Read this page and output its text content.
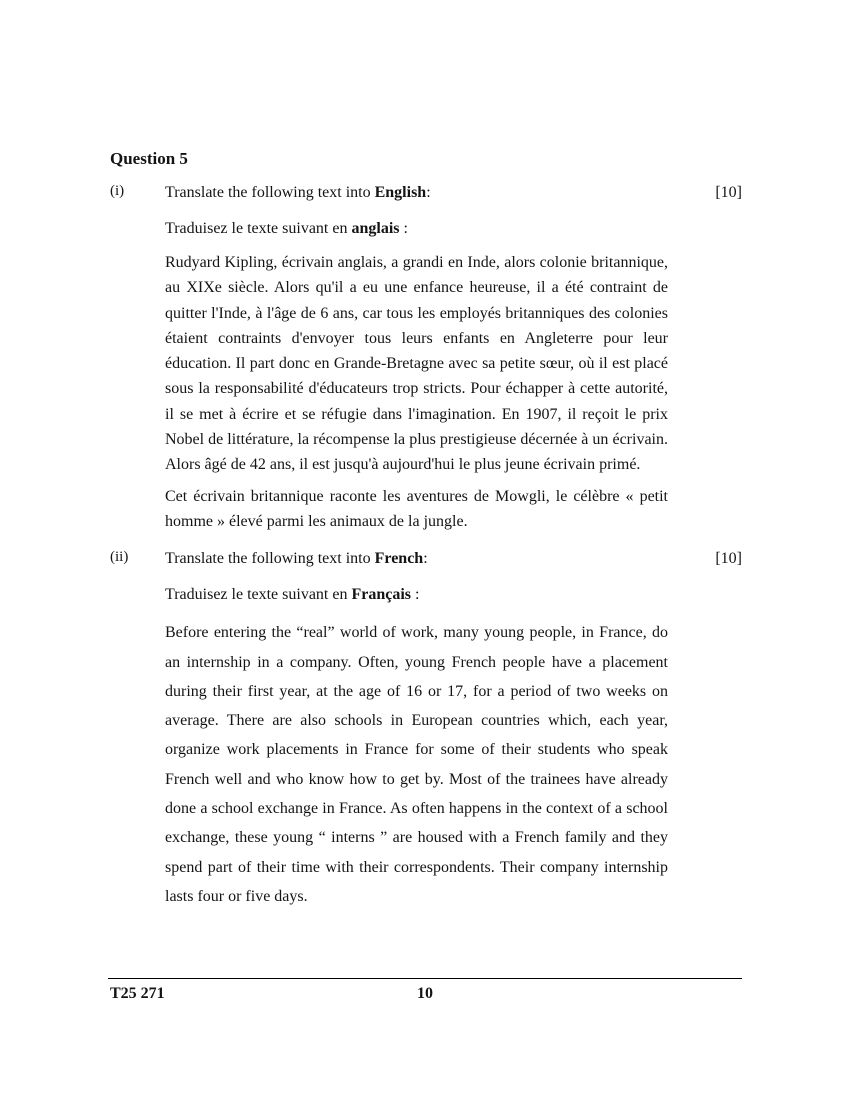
Question 5
(i)	[10]

Translate the following text into English:

Traduisez le texte suivant en anglais :

Rudyard Kipling, écrivain anglais, a grandi en Inde, alors colonie britannique, au XIXe siècle. Alors qu'il a eu une enfance heureuse, il a été contraint de quitter l'Inde, à l'âge de 6 ans, car tous les employés britanniques des colonies étaient contraints d'envoyer tous leurs enfants en Angleterre pour leur éducation. Il part donc en Grande-Bretagne avec sa petite sœur, où il est placé sous la responsabilité d'éducateurs trop stricts. Pour échapper à cette autorité, il se met à écrire et se réfugie dans l'imagination. En 1907, il reçoit le prix Nobel de littérature, la récompense la plus prestigieuse décernée à un écrivain. Alors âgé de 42 ans, il est jusqu'à aujourd'hui le plus jeune écrivain primé.

Cet écrivain britannique raconte les aventures de Mowgli, le célèbre « petit homme » élevé parmi les animaux de la jungle.

(ii)	[10]

Translate the following text into French:

Traduisez le texte suivant en Français :

Before entering the “real” world of work, many young people, in France, do an internship in a company. Often, young French people have a placement during their first year, at the age of 16 or 17, for a period of two weeks on average. There are also schools in European countries which, each year, organize work placements in France for some of their students who speak French well and who know how to get by. Most of the trainees have already done a school exchange in France. As often happens in the context of a school exchange, these young “ interns ” are housed with a French family and they spend part of their time with their correspondents. Their company internship lasts four or five days.

T25 271	10
